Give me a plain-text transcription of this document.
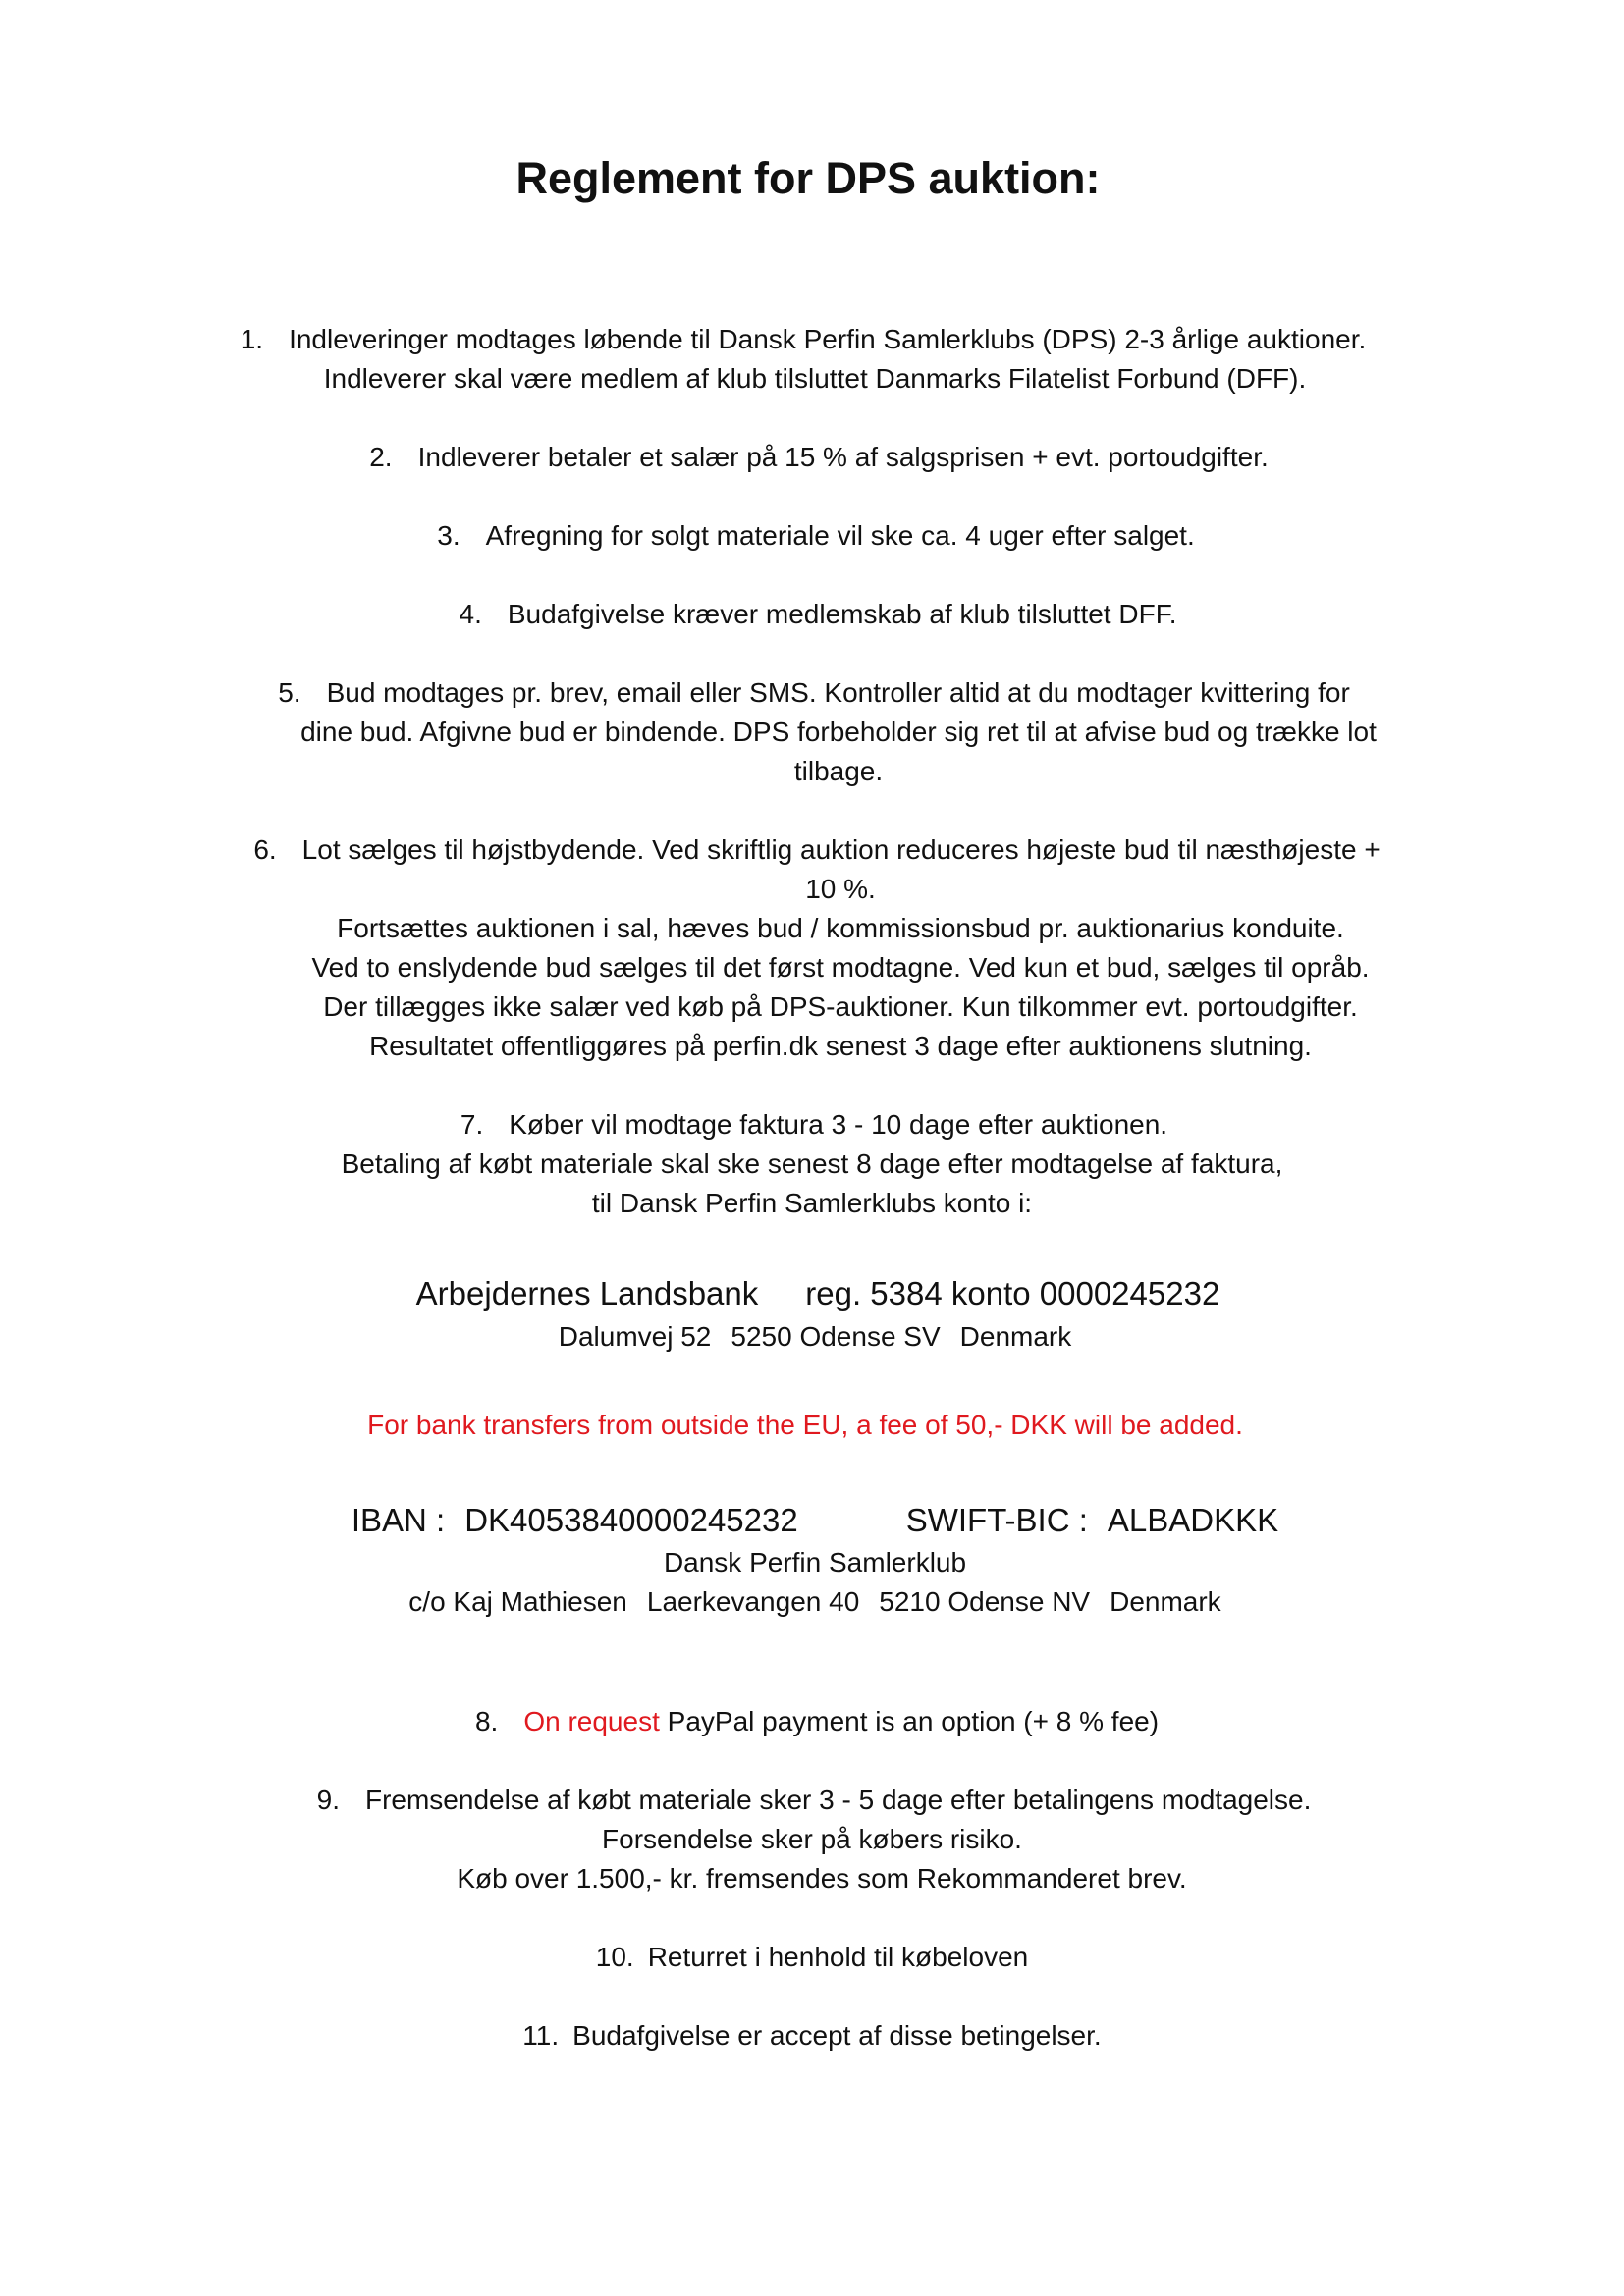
Reglement for DPS auktion:
1. Indleveringer modtages løbende til Dansk Perfin Samlerklubs (DPS) 2-3 årlige auktioner.
Indleverer skal være medlem af klub tilsluttet Danmarks Filatelist Forbund (DFF).
2. Indleverer betaler et salær på 15 % af salgsprisen + evt. portoudgifter.
3. Afregning for solgt materiale vil ske ca. 4 uger efter salget.
4. Budafgivelse kræver medlemskab af klub tilsluttet DFF.
5. Bud modtages pr. brev, email eller SMS. Kontroller altid at du modtager kvittering for
dine bud. Afgivne bud er bindende. DPS forbeholder sig ret til at afvise bud og trække lot
tilbage.
6. Lot sælges til højstbydende. Ved skriftlig auktion reduceres højeste bud til næsthøjeste +
10 %.
Fortsættes auktionen i sal, hæves bud / kommissionsbud pr. auktionarius konduite.
Ved to enslydende bud sælges til det først modtagne. Ved kun et bud, sælges til opråb.
Der tillægges ikke salær ved køb på DPS-auktioner. Kun tilkommer evt. portoudgifter.
Resultatet offentliggøres på perfin.dk senest 3 dage efter auktionens slutning.
7. Køber vil modtage faktura 3 - 10 dage efter auktionen.
Betaling af købt materiale skal ske senest 8 dage efter modtagelse af faktura,
til Dansk Perfin Samlerklubs konto i:
Arbejdernes Landsbank reg. 5384 konto 0000245232
Dalumvej 52 5250 Odense SV Denmark
For bank transfers from outside the EU, a fee of 50,- DKK will be added.
IBAN : DK4053840000245232	SWIFT-BIC : ALBADKKK
Dansk Perfin Samlerklub
c/o Kaj Mathiesen Laerkevangen 40 5210 Odense NV Denmark
8. On request PayPal payment is an option (+ 8 % fee)
9. Fremsendelse af købt materiale sker 3 - 5 dage efter betalingens modtagelse.
Forsendelse sker på købers risiko.
Køb over 1.500,- kr. fremsendes som Rekommanderet brev.
10. Returret i henhold til købeloven
11. Budafgivelse er accept af disse betingelser.
